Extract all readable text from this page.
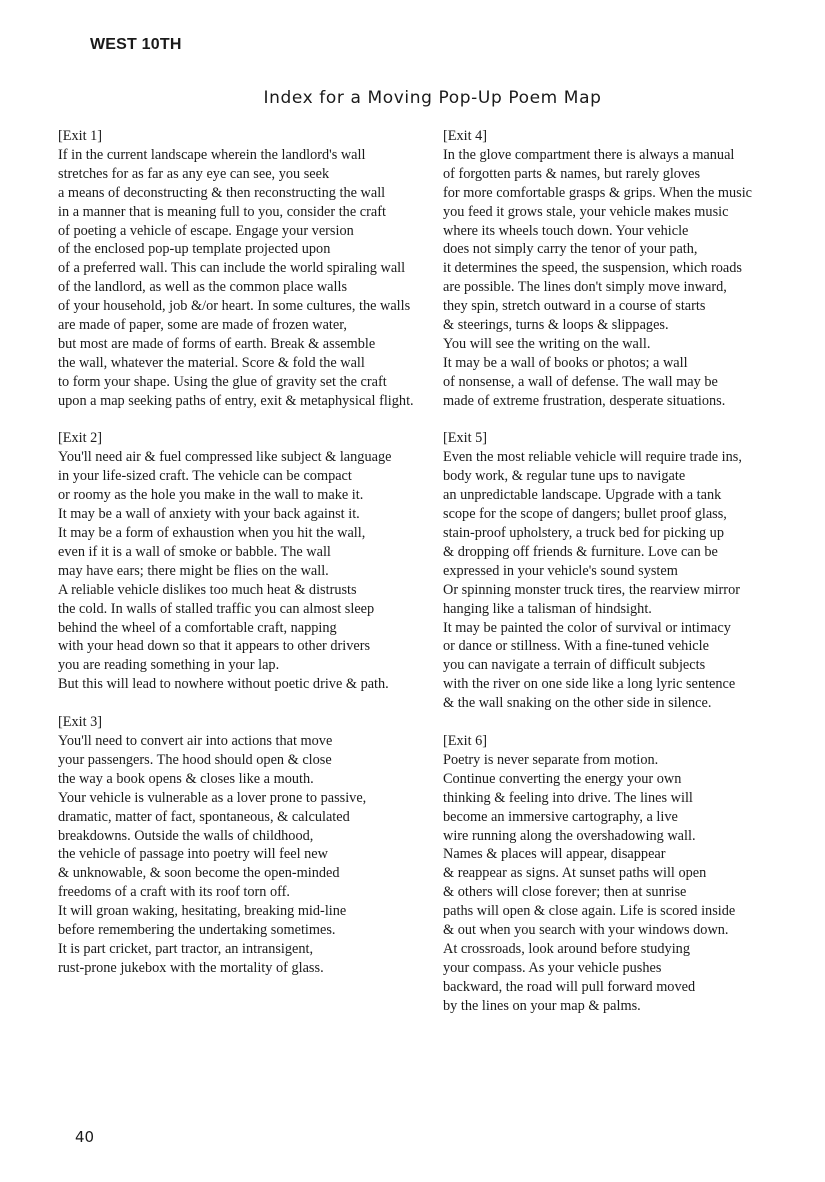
WEST 10TH
Index for a Moving Pop-Up Poem Map
[Exit 1]
If in the current landscape wherein the landlord's wall
stretches for as far as any eye can see, you seek
a means of deconstructing & then reconstructing the wall
in a manner that is meaning full to you, consider the craft
of poeting a vehicle of escape. Engage your version
of the enclosed pop-up template projected upon
of a preferred wall. This can include the world spiraling wall
of the landlord, as well as the common place walls
of your household, job &/or heart. In some cultures, the walls
are made of paper, some are made of frozen water,
but most are made of forms of earth. Break & assemble
the wall, whatever the material. Score & fold the wall
to form your shape. Using the glue of gravity set the craft
upon a map seeking paths of entry, exit & metaphysical flight.
[Exit 2]
You'll need air & fuel compressed like subject & language
in your life-sized craft. The vehicle can be compact
or roomy as the hole you make in the wall to make it.
It may be a wall of anxiety with your back against it.
It may be a form of exhaustion when you hit the wall,
even if it is a wall of smoke or babble. The wall
may have ears; there might be flies on the wall.
A reliable vehicle dislikes too much heat & distrusts
the cold. In walls of stalled traffic you can almost sleep
behind the wheel of a comfortable craft, napping
with your head down so that it appears to other drivers
you are reading something in your lap.
But this will lead to nowhere without poetic drive & path.
[Exit 3]
You'll need to convert air into actions that move
your passengers. The hood should open & close
the way a book opens & closes like a mouth.
Your vehicle is vulnerable as a lover prone to passive,
dramatic, matter of fact, spontaneous, & calculated
breakdowns. Outside the walls of childhood,
the vehicle of passage into poetry will feel new
& unknowable, & soon become the open-minded
freedoms of a craft with its roof torn off.
It will groan waking, hesitating, breaking mid-line
before remembering the undertaking sometimes.
It is part cricket, part tractor, an intransigent,
rust-prone jukebox with the mortality of glass.
[Exit 4]
In the glove compartment there is always a manual
of forgotten parts & names, but rarely gloves
for more comfortable grasps & grips. When the music
you feed it grows stale, your vehicle makes music
where its wheels touch down. Your vehicle
does not simply carry the tenor of your path,
it determines the speed, the suspension, which roads
are possible. The lines don't simply move inward,
they spin, stretch outward in a course of starts
& steerings, turns & loops & slippages.
You will see the writing on the wall.
It may be a wall of books or photos; a wall
of nonsense, a wall of defense. The wall may be
made of extreme frustration, desperate situations.
[Exit 5]
Even the most reliable vehicle will require trade ins,
body work, & regular tune ups to navigate
an unpredictable landscape. Upgrade with a tank
scope for the scope of dangers; bullet proof glass,
stain-proof upholstery, a truck bed for picking up
& dropping off friends & furniture. Love can be
expressed in your vehicle's sound system
Or spinning monster truck tires, the rearview mirror
hanging like a talisman of hindsight.
It may be painted the color of survival or intimacy
or dance or stillness. With a fine-tuned vehicle
you can navigate a terrain of difficult subjects
with the river on one side like a long lyric sentence
& the wall snaking on the other side in silence.
[Exit 6]
Poetry is never separate from motion.
Continue converting the energy your own
thinking & feeling into drive. The lines will
become an immersive cartography, a live
wire running along the overshadowing wall.
Names & places will appear, disappear
& reappear as signs. At sunset paths will open
& others will close forever; then at sunrise
paths will open & close again. Life is scored inside
& out when you search with your windows down.
At crossroads, look around before studying
your compass. As your vehicle pushes
backward, the road will pull forward moved
by the lines on your map & palms.
40
